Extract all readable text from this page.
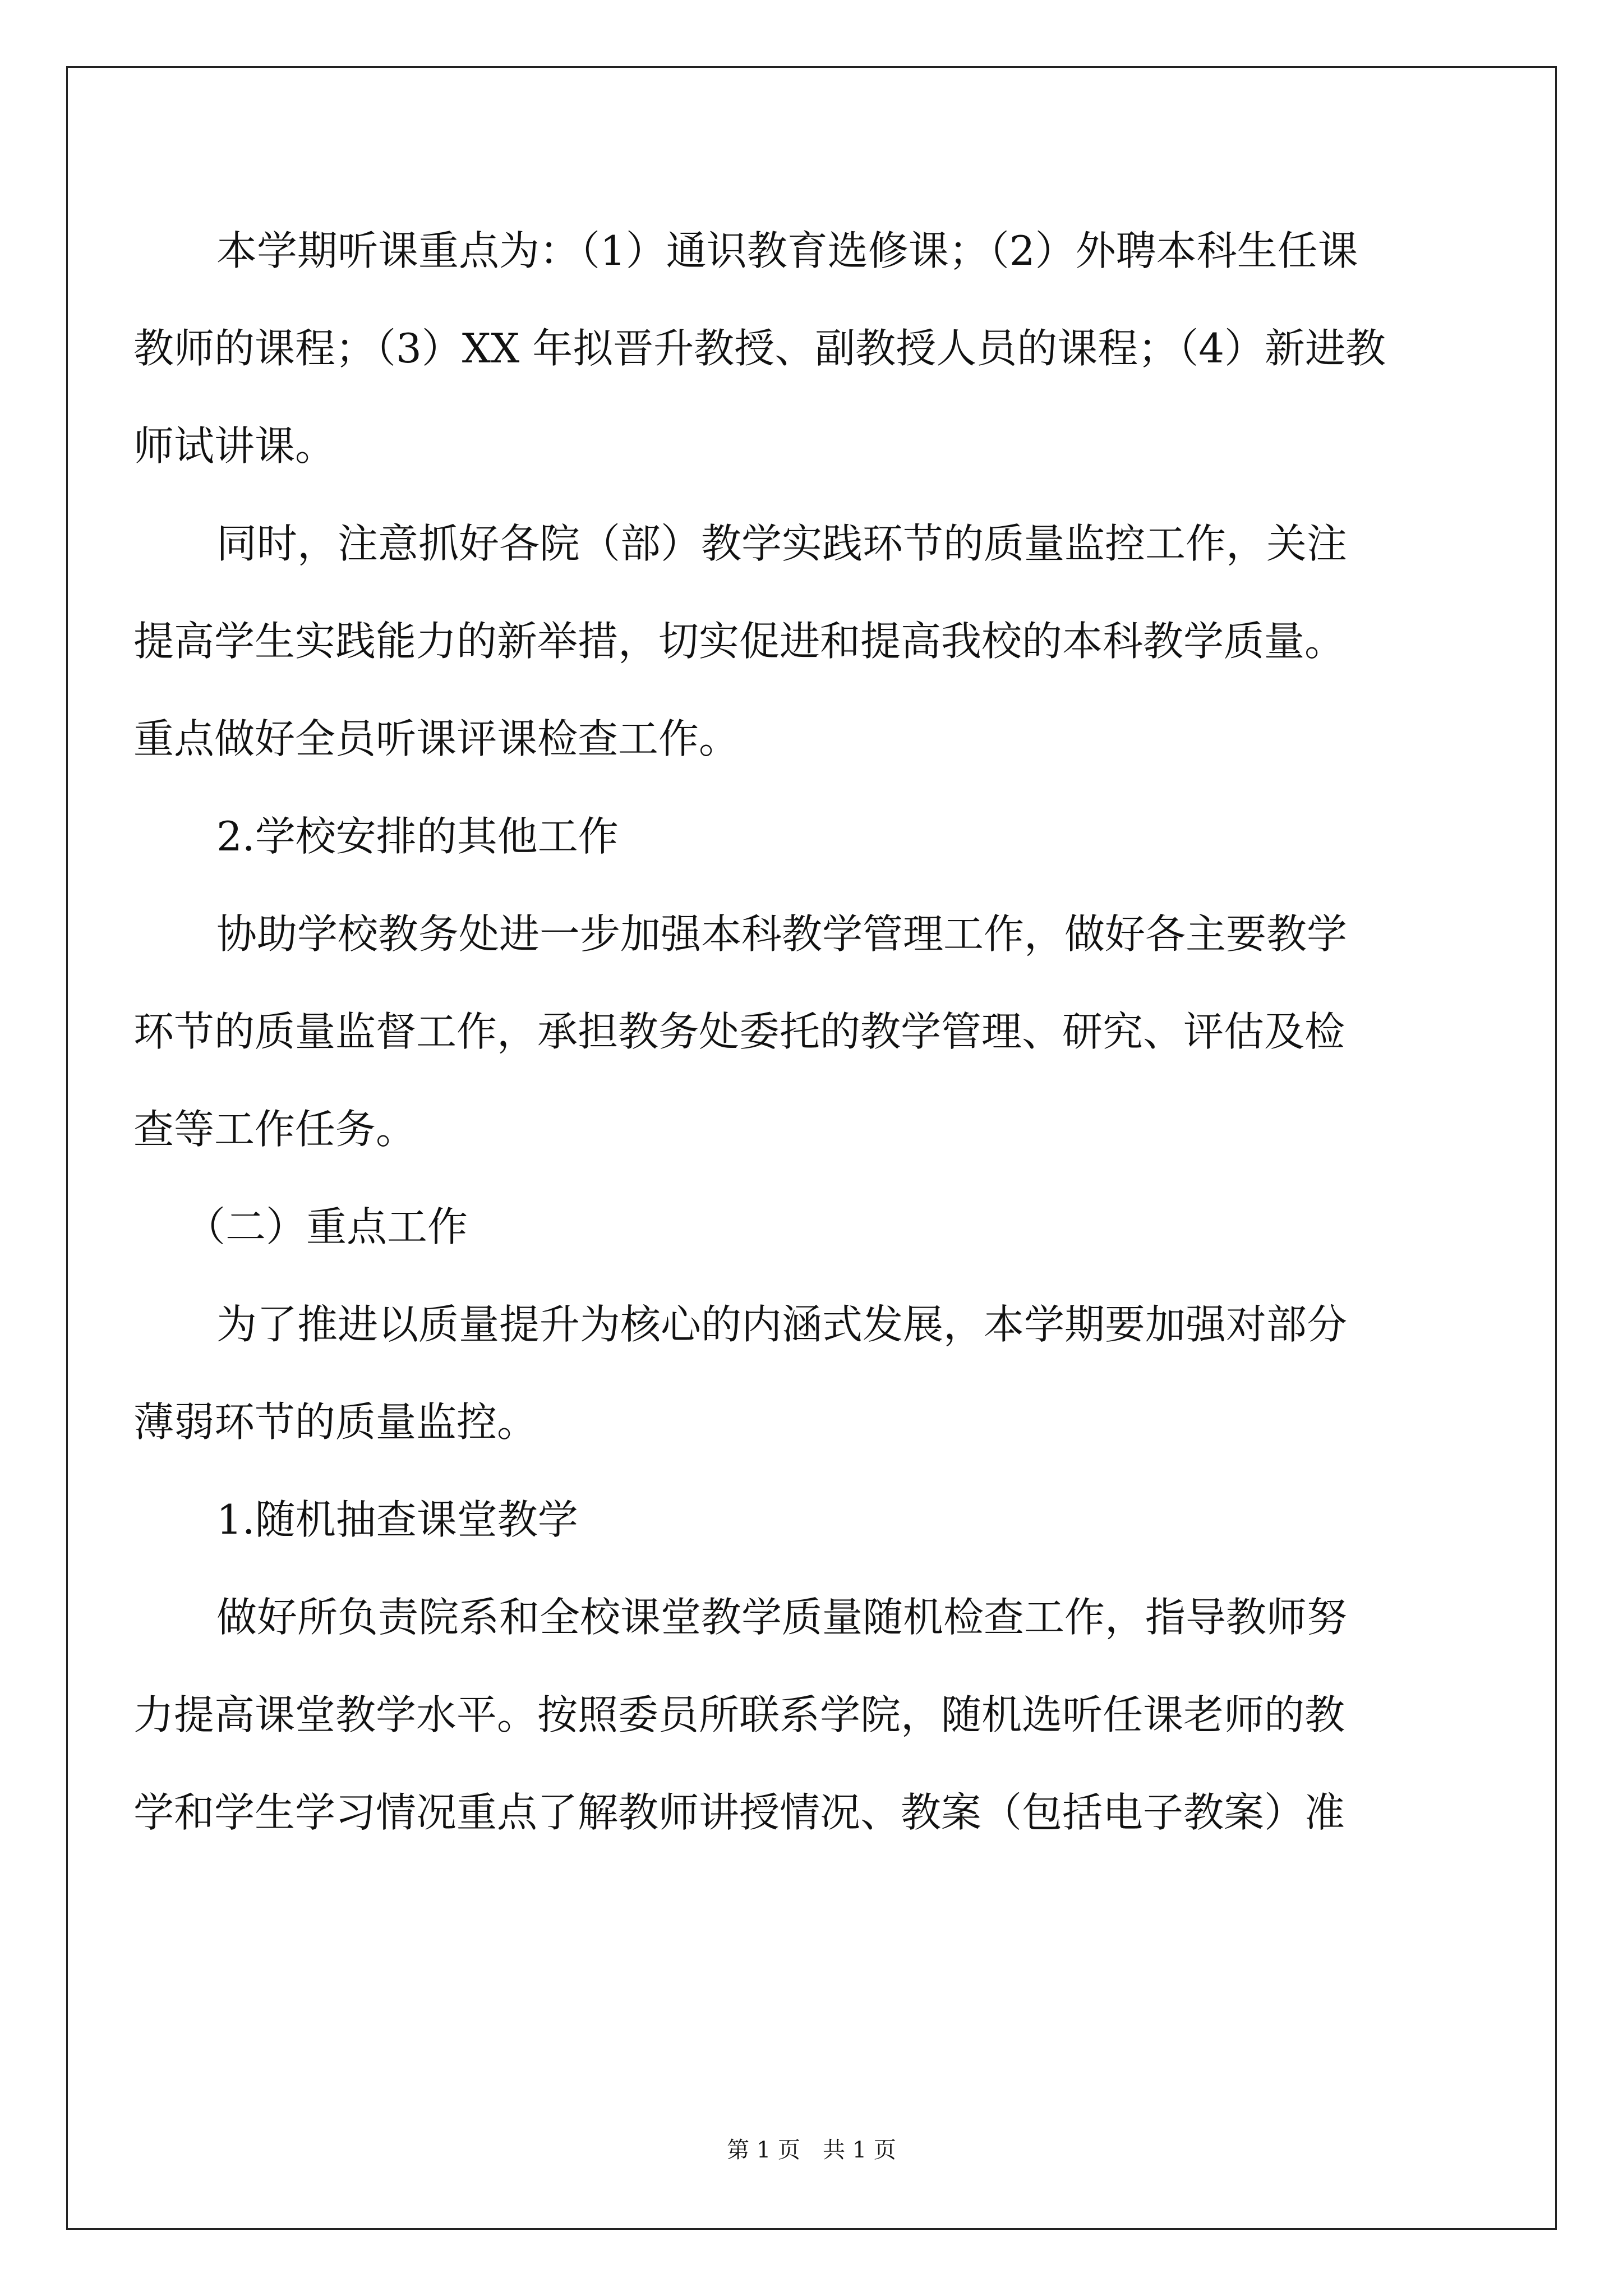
本学期听课重点为：（1）通识教育选修课；（2）外聘本科生任课
教师的课程；（3）XX 年拟晋升教授、副教授人员的课程；（4）新进教
师试讲课。
同时，注意抓好各院（部）教学实践环节的质量监控工作，关注
提高学生实践能力的新举措，切实促进和提高我校的本科教学质量。
重点做好全员听课评课检查工作。
2.学校安排的其他工作
协助学校教务处进一步加强本科教学管理工作，做好各主要教学
环节的质量监督工作，承担教务处委托的教学管理、研究、评估及检
查等工作任务。
（二）重点工作
为了推进以质量提升为核心的内涵式发展，本学期要加强对部分
薄弱环节的质量监控。
1.随机抽查课堂教学
做好所负责院系和全校课堂教学质量随机检查工作，指导教师努
力提高课堂教学水平。按照委员所联系学院，随机选听任课老师的教
学和学生学习情况重点了解教师讲授情况、教案（包括电子教案）准
第 1 页　共 1 页
